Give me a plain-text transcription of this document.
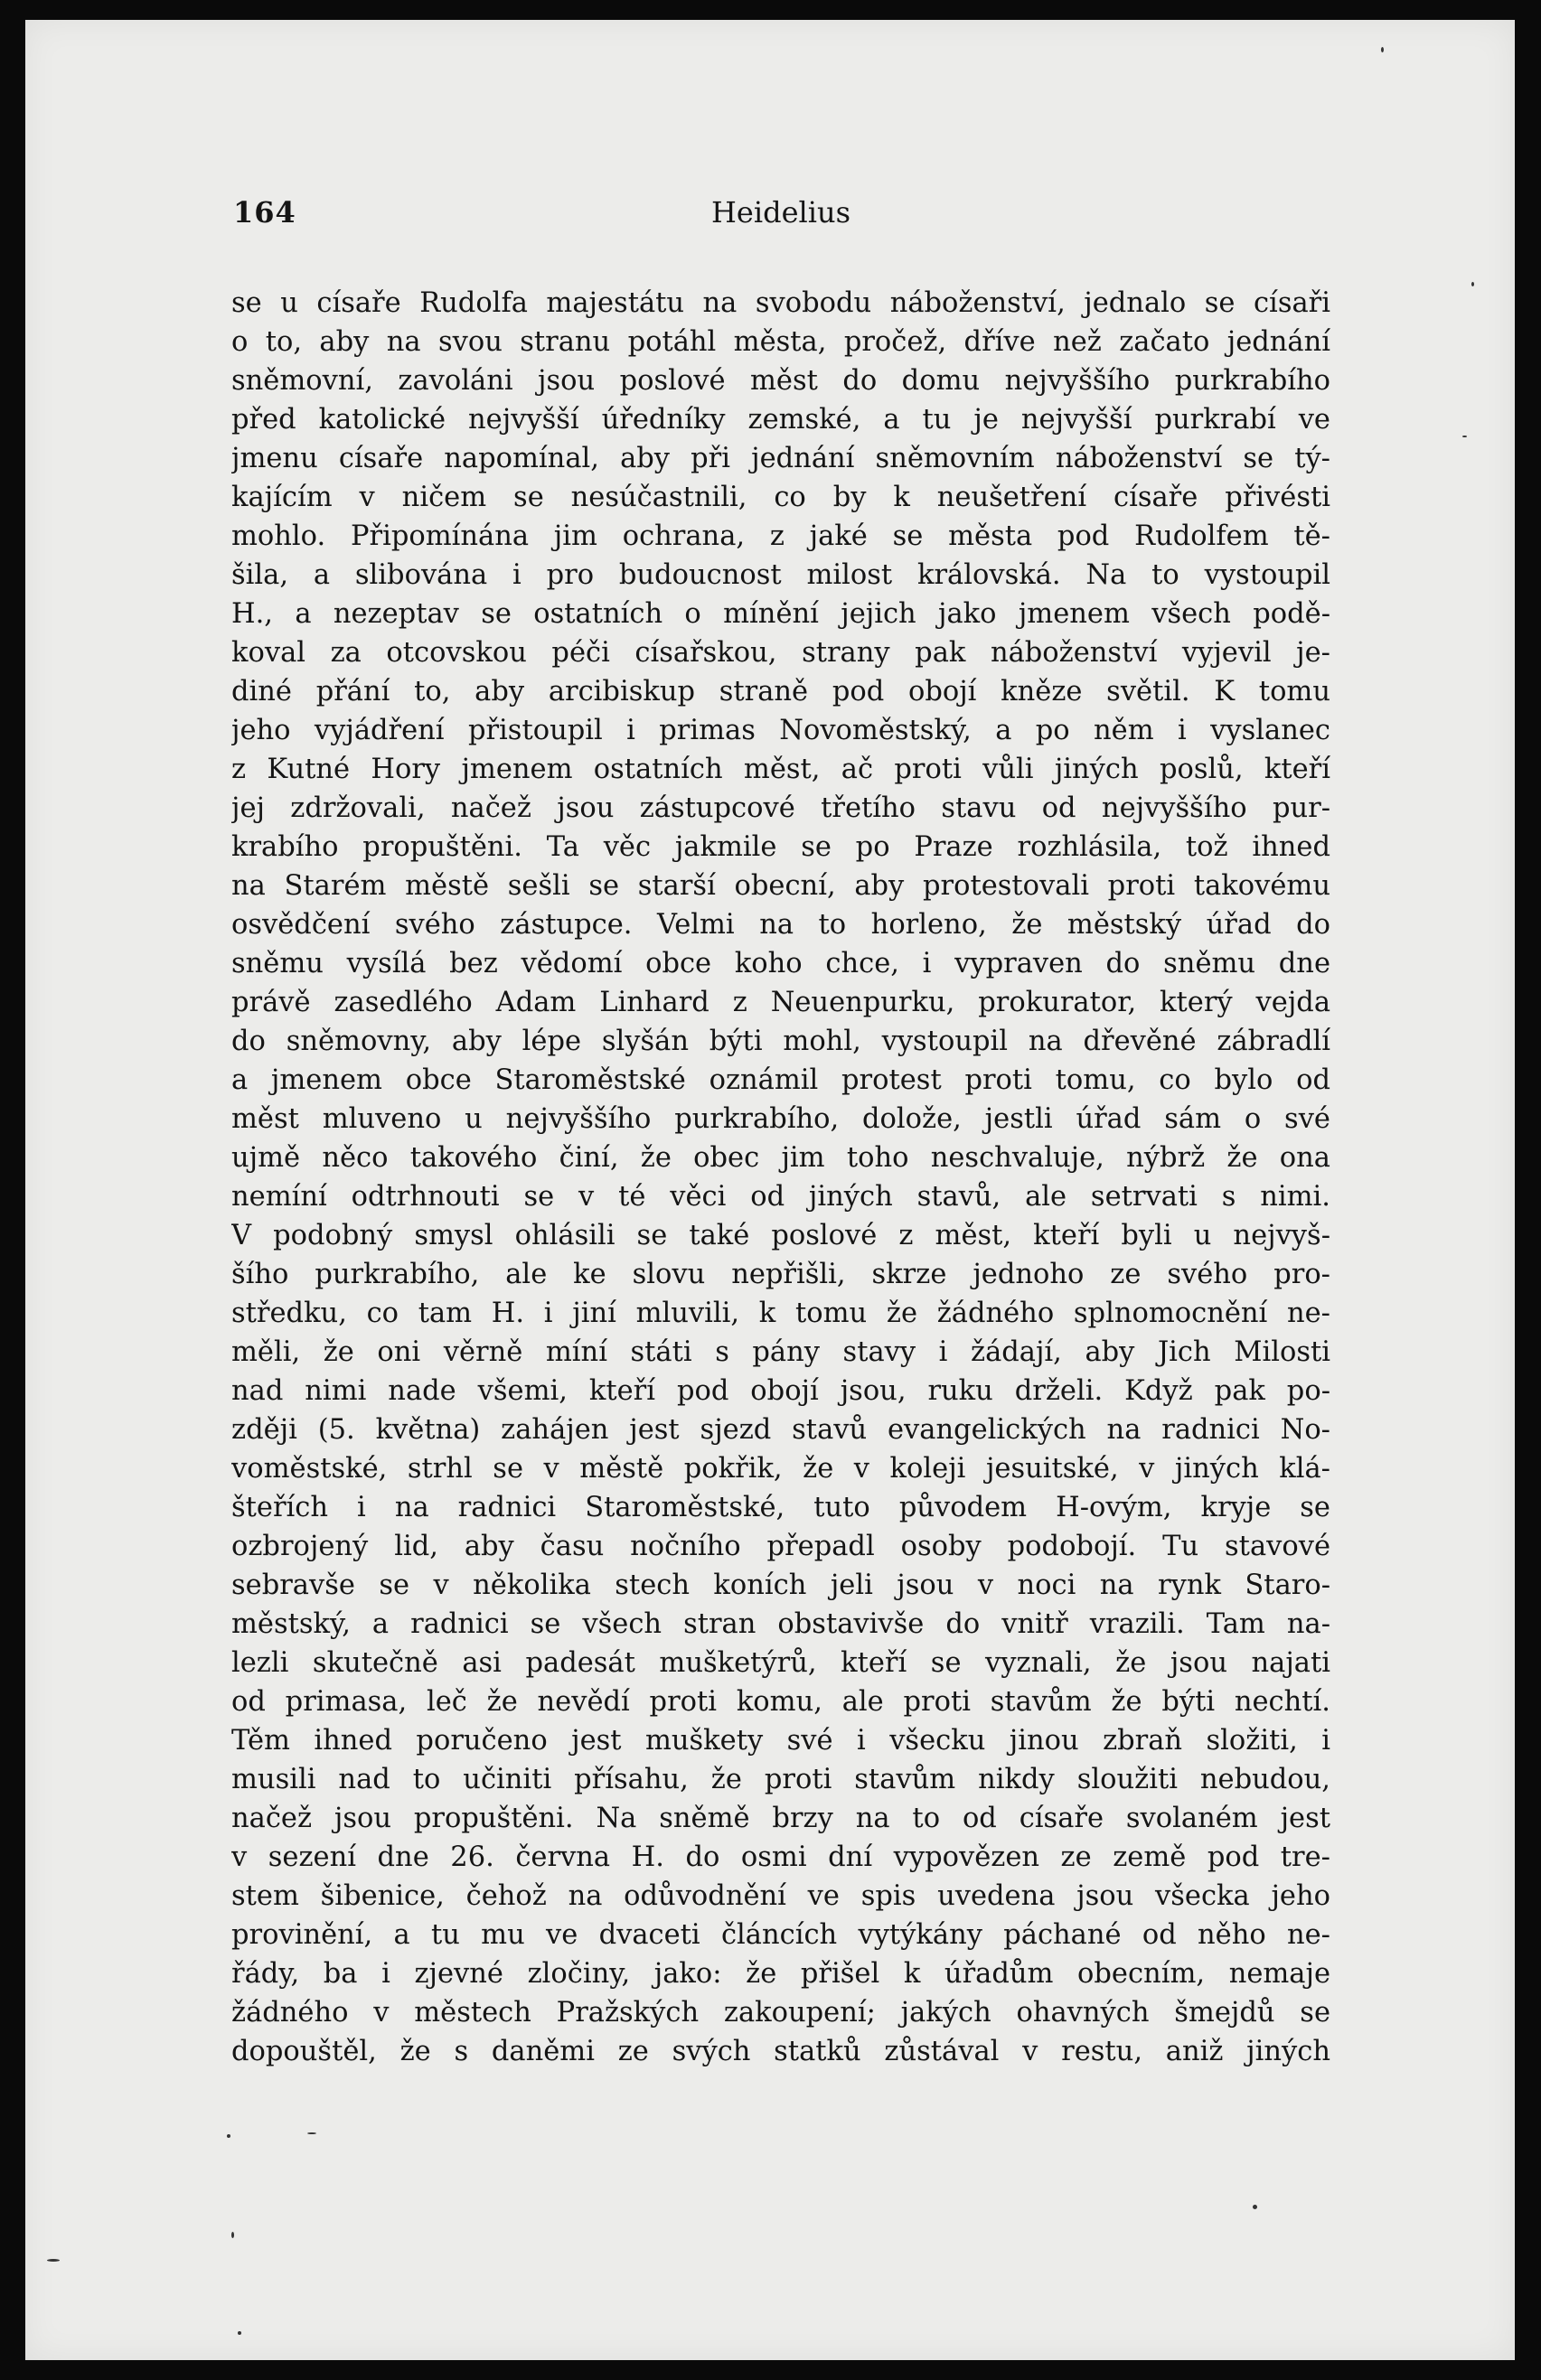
164	Heidelius
se u císaře Rudolfa majestátu na svobodu náboženství, jednalo se císaři
o to, aby na svou stranu potáhl města, pročež, dříve než začato jednání
sněmovní, zavoláni jsou poslové měst do domu nejvyššího purkrabího
před katolické nejvyšší úředníky zemské, a tu je nejvyšší purkrabí ve
jmenu císaře napomínal, aby při jednání sněmovním náboženství se tý-
kajícím v ničem se nesúčastnili, co by k neušetření císaře přivésti
mohlo. Připomínána jim ochrana, z jaké se města pod Rudolfem tě-
šila, a slibována i pro budoucnost milost královská. Na to vystoupil
H., a nezeptav se ostatních o mínění jejich jako jmenem všech podě-
koval za otcovskou péči císařskou, strany pak náboženství vyjevil je-
diné přání to, aby arcibiskup straně pod obojí kněze světil. K tomu
jeho vyjádření přistoupil i primas Novoměstský, a po něm i vyslanec
z Kutné Hory jmenem ostatních měst, ač proti vůli jiných poslů, kteří
jej zdržovali, načež jsou zástupcové třetího stavu od nejvyššího pur-
krabího propuštěni. Ta věc jakmile se po Praze rozhlásila, tož ihned
na Starém městě sešli se starší obecní, aby protestovali proti takovému
osvědčení svého zástupce. Velmi na to horleno, že městský úřad do
sněmu vysílá bez vědomí obce koho chce, i vypraven do sněmu dne
právě zasedlého Adam Linhard z Neuenpurku, prokurator, který vejda
do sněmovny, aby lépe slyšán býti mohl, vystoupil na dřevěné zábradlí
a jmenem obce Staroměstské oznámil protest proti tomu, co bylo od
měst mluveno u nejvyššího purkrabího, dolože, jestli úřad sám o své
ujmě něco takového činí, že obec jim toho neschvaluje, nýbrž že ona
nemíní odtrhnouti se v té věci od jiných stavů, ale setrvati s nimi.
V podobný smysl ohlásili se také poslové z měst, kteří byli u nejvyš-
šího purkrabího, ale ke slovu nepřišli, skrze jednoho ze svého pro-
středku, co tam H. i jiní mluvili, k tomu že žádného splnomocnění ne-
měli, že oni věrně míní státi s pány stavy i žádají, aby Jich Milosti
nad nimi nade všemi, kteří pod obojí jsou, ruku drželi. Když pak po-
zději (5. května) zahájen jest sjezd stavů evangelických na radnici No-
voměstské, strhl se v městě pokřik, že v koleji jesuitské, v jiných klá-
šteřích i na radnici Staroměstské, tuto původem H-ovým, kryje se
ozbrojený lid, aby času nočního přepadl osoby podobojí. Tu stavové
sebravše se v několika stech koních jeli jsou v noci na rynk Staro-
městský, a radnici se všech stran obstavivše do vnitř vrazili. Tam na-
lezli skutečně asi padesát mušketýrů, kteří se vyznali, že jsou najati
od primasa, leč že nevědí proti komu, ale proti stavům že býti nechtí.
Těm ihned poručeno jest muškety své i všecku jinou zbraň složiti, i
musili nad to učiniti přísahu, že proti stavům nikdy sloužiti nebudou,
načež jsou propuštěni. Na sněmě brzy na to od císaře svolaném jest
v sezení dne 26. června H. do osmi dní vypovězen ze země pod tre-
stem šibenice, čehož na odůvodnění ve spis uvedena jsou všecka jeho
provinění, a tu mu ve dvaceti článcích vytýkány páchané od něho ne-
řády, ba i zjevné zločiny, jako: že přišel k úřadům obecním, nemaje
žádného v městech Pražských zakoupení; jakých ohavných šmejdů se
dopouštěl, že s daněmi ze svých statků zůstával v restu, aniž jiných
